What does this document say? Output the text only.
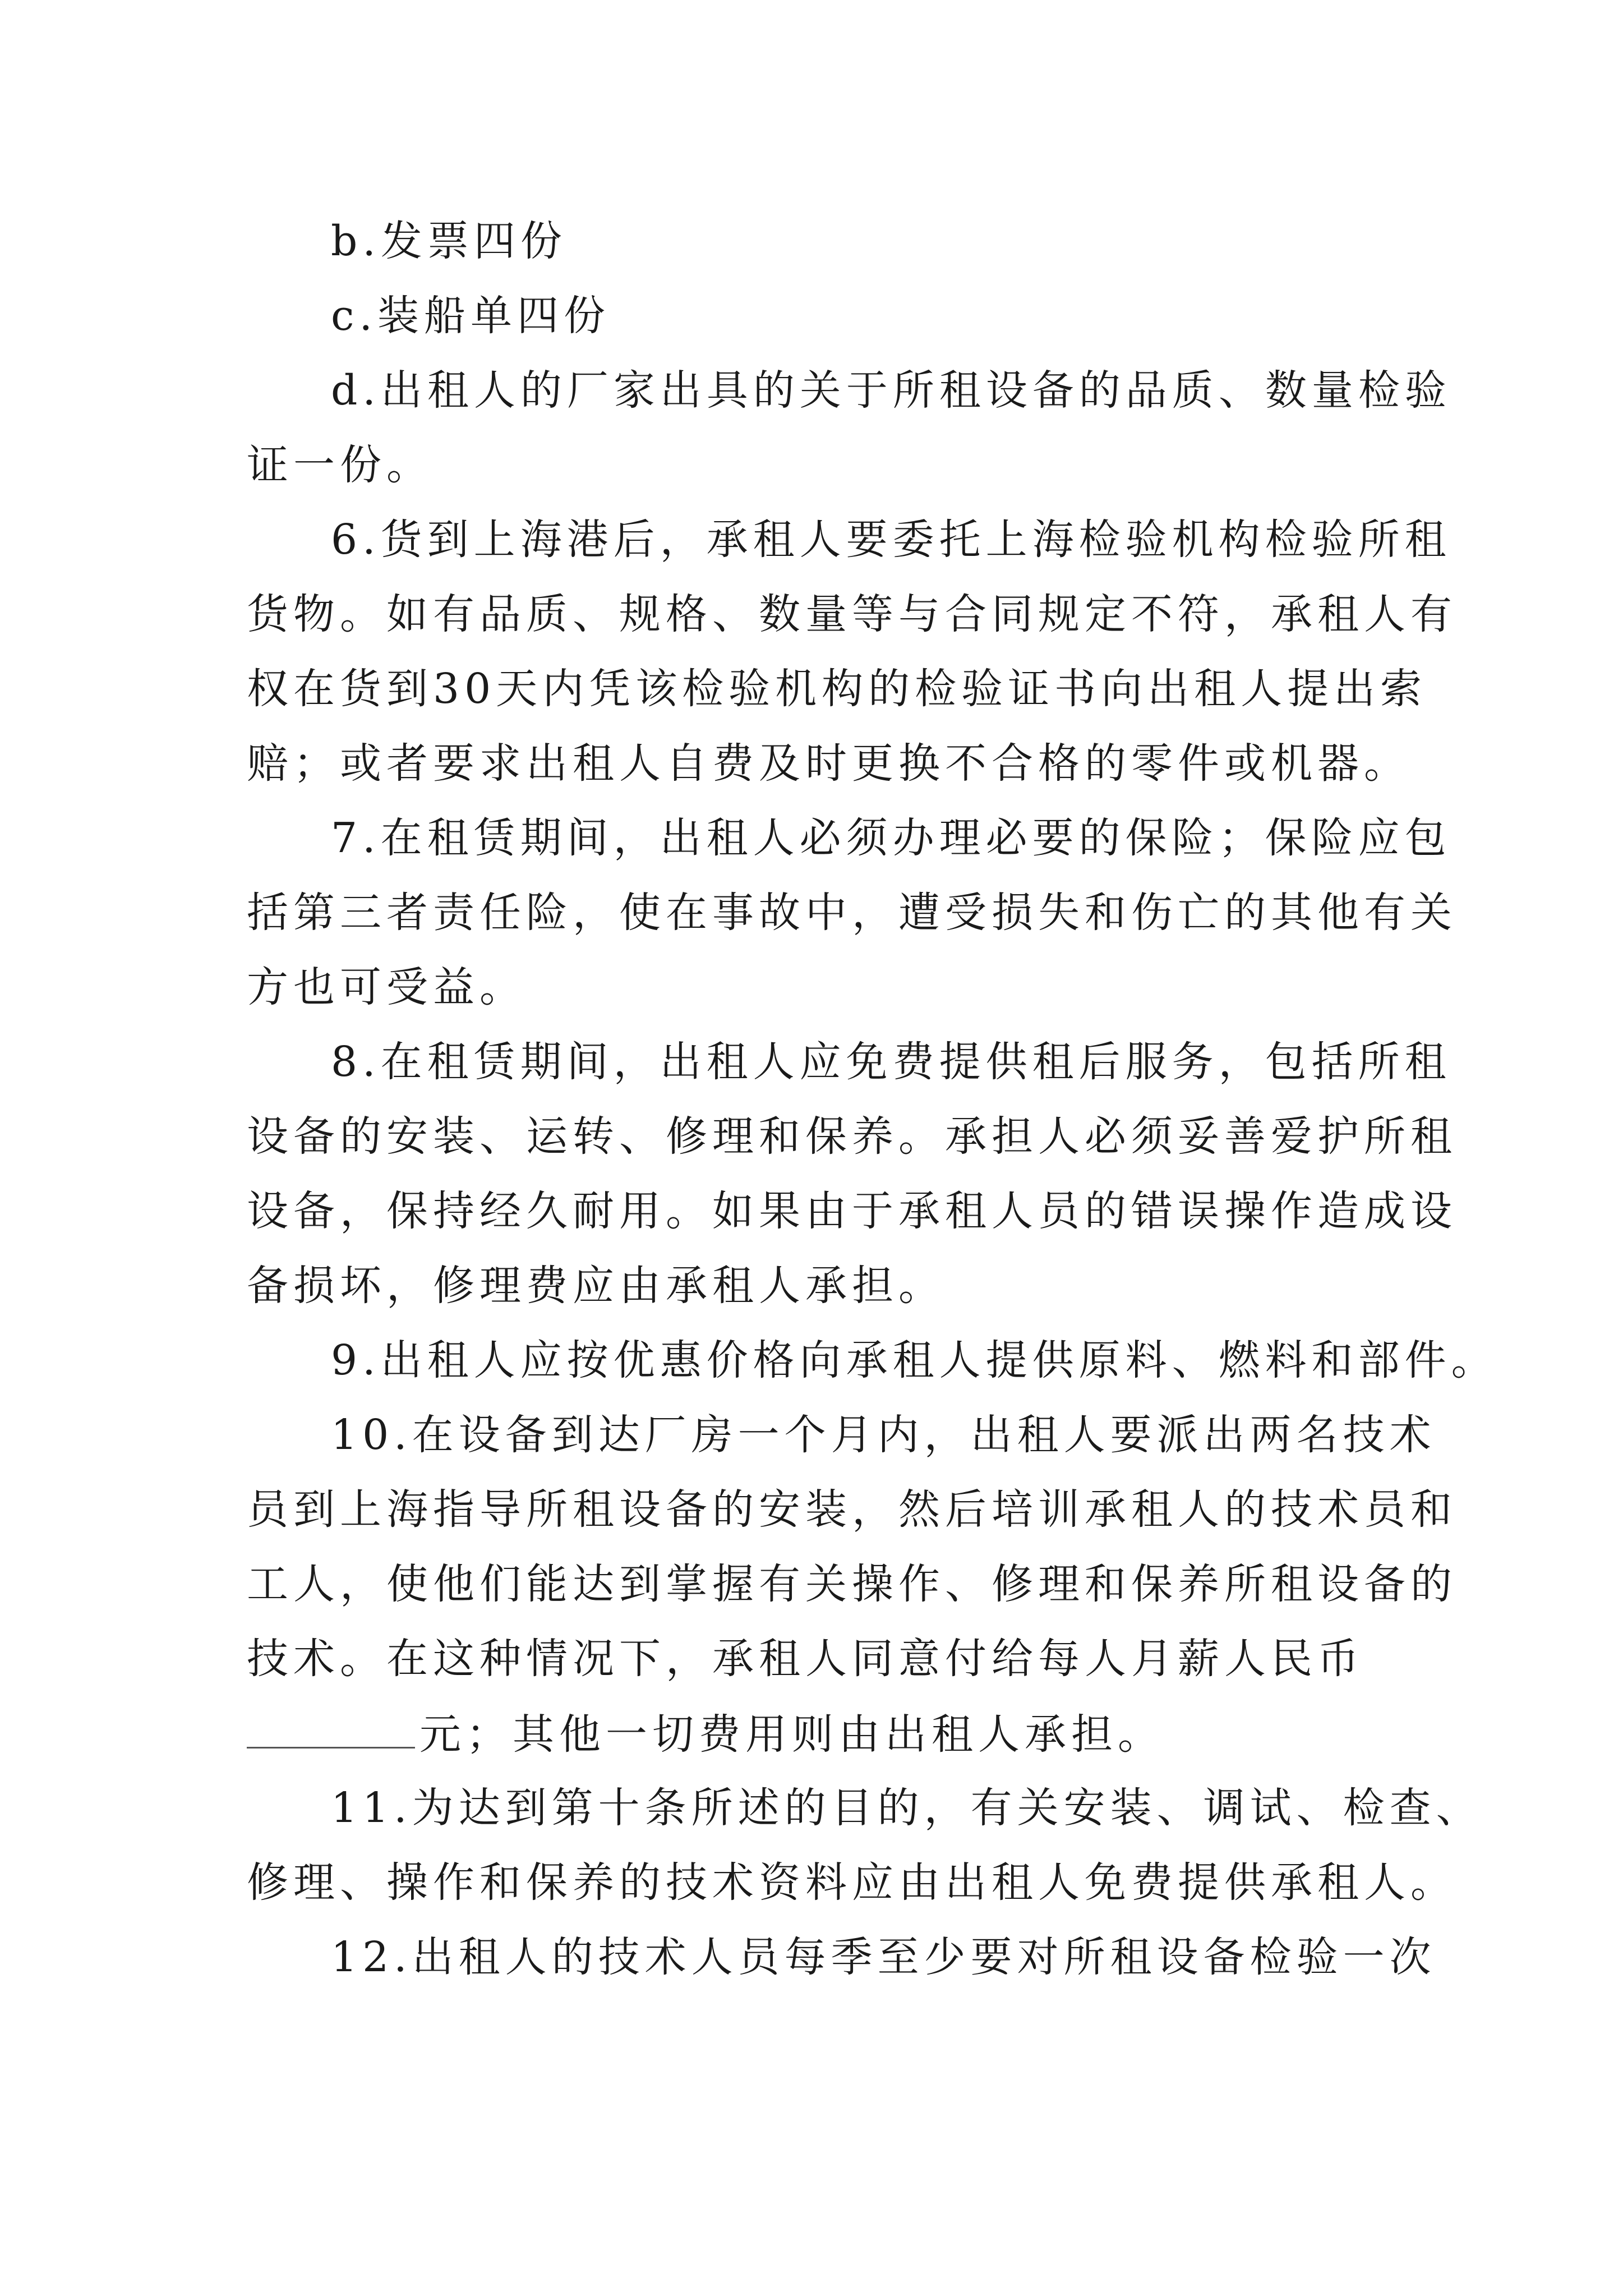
b.发票四份
c.装船单四份
d.出租人的厂家出具的关于所租设备的品质、数量检验
证一份。
6.货到上海港后，承租人要委托上海检验机构检验所租
货物。如有品质、规格、数量等与合同规定不符，承租人有
权在货到30天内凭该检验机构的检验证书向出租人提出索
赔；或者要求出租人自费及时更换不合格的零件或机器。
7.在租赁期间，出租人必须办理必要的保险；保险应包
括第三者责任险，使在事故中，遭受损失和伤亡的其他有关
方也可受益。
8.在租赁期间，出租人应免费提供租后服务，包括所租
设备的安装、运转、修理和保养。承担人必须妥善爱护所租
设备，保持经久耐用。如果由于承租人员的错误操作造成设
备损坏，修理费应由承租人承担。
9.出租人应按优惠价格向承租人提供原料、燃料和部件。
10.在设备到达厂房一个月内，出租人要派出两名技术
员到上海指导所租设备的安装，然后培训承租人的技术员和
工人，使他们能达到掌握有关操作、修理和保养所租设备的
技术。在这种情况下，承租人同意付给每人月薪人民币
元；其他一切费用则由出租人承担。
11.为达到第十条所述的目的，有关安装、调试、检查、
修理、操作和保养的技术资料应由出租人免费提供承租人。
12.出租人的技术人员每季至少要对所租设备检验一次
